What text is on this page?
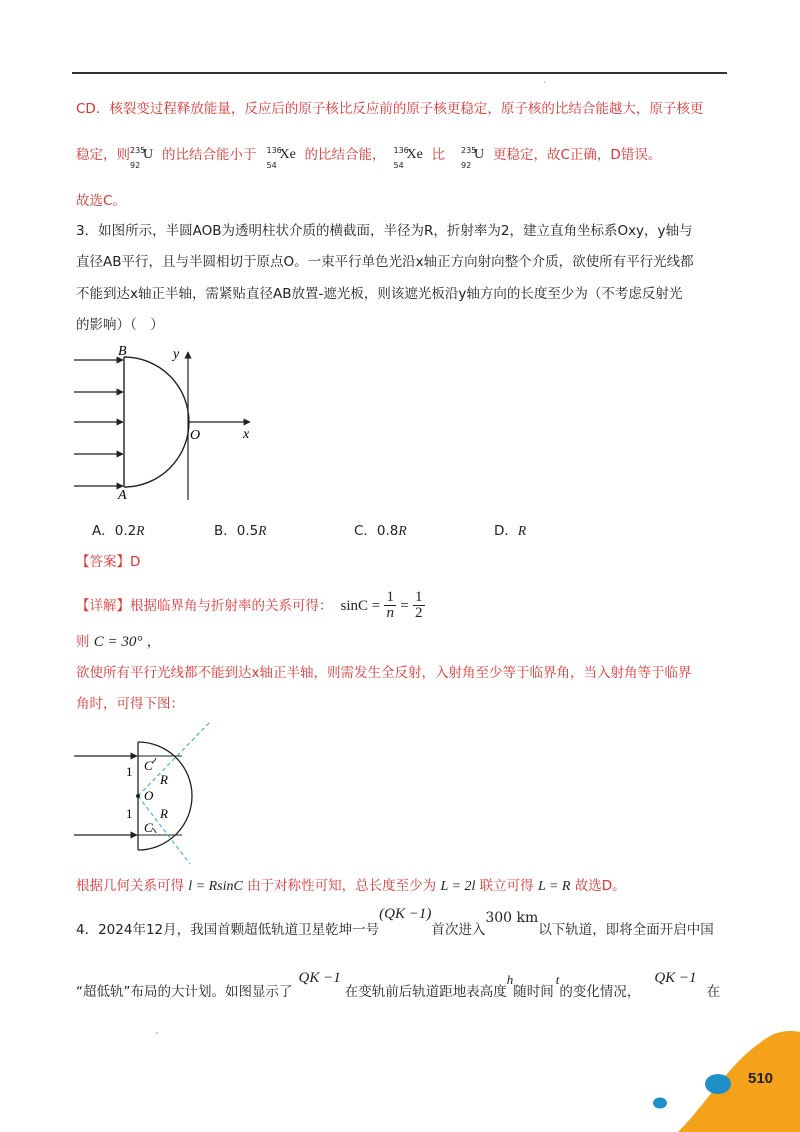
·
CD．核裂变过程释放能量，反应后的原子核比反应前的原子核更稳定，原子核的比结合能越大，原子核更
稳定，则 235
92
U 的比结合能小于 136
54
Xe 的比结合能， 136
54
Xe 比 235
92
U 更稳定，故C正确，D错误。
故选C。
3．如图所示，半圆AOB为透明柱状介质的横截面，半径为R，折射率为2，建立直角坐标系Oxy，y轴与
直径AB平行，且与半圆相切于原点O。一束平行单色光沿x轴正方向射向整个介质，欲使所有平行光线都
不能到达x轴正半轴，需紧贴直径AB放置-遮光板，则该遮光板沿y轴方向的长度至少为（不考虑反射光
的影响）（　）
B
A
y
x
O
A．0.2R	B．0.5R	C．0.8R	D．R
【答案】D
【详解】根据临界角与折射率的关系可得： sinC =
1
n =
1
2
则 C = 30° ，
欲使所有平行光线都不能到达x轴正半轴，则需发生全反射，入射角至少等于临界角，当入射角等于临界
角时，可得下图：
1 C
R
O
1 R
C
根据几何关系可得 l = RsinC 由于对称性可知，总长度至少为 L = 2l 联立可得 L = R 故选D。
4．2024年12月，我国首颗超低轨道卫星乾坤一号
(QK −1)
首次进入
300 km
以下轨道，即将全面开启中国
“超低轨”布局的大计划。如图显示了
QK −1
在变轨前后轨道距地表高度
h
随时间
t
的变化情况，
QK −1
在
510
